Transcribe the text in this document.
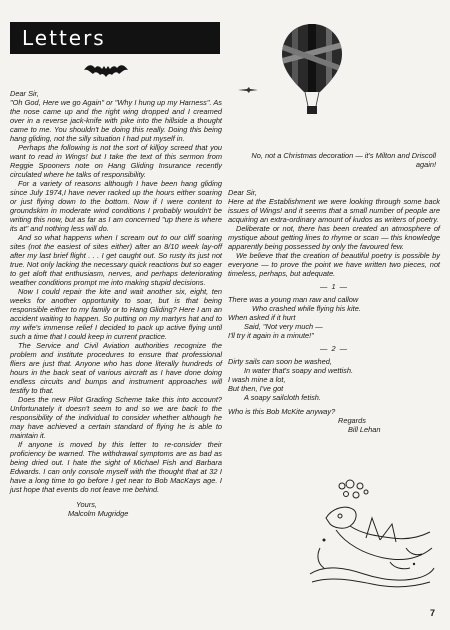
Letters

Dear Sir,

"Oh God, Here we go Again" or "Why I hung up my Harness". As the nose came up and the right wing dropped and I creamed over in a reverse jack-knife with pike into the hillside a thought came to me. You shouldn't be doing this really. Doing this being hang gliding, not the silly situation I had put myself in.

Perhaps the following is not the sort of killjoy screed that you want to read in Wings! but I take the text of this sermon from Reggie Spooners note on Hang Gliding Insurance recently circulated where he talks of responsibility.

For a variety of reasons although I have been hang gliding since July 1974,I have never racked up the hours either soaring or just flying down to the bottom. Now if I were content to groundskim in moderate wind conditions I probably wouldn't be writing this now, but as far as I am concerned "up there is where its at" and nothing less will do.

And so what happens when I scream out to our cliff soaring sites (not the easiest of sites either) after an 8/10 week lay-off after my last brief flight . . . I get caught out. So rusty its just not true. Not only lacking the necessary quick reactions but so eager to get aloft that enthusiasm, nerves, and perhaps deteriorating weather conditions prompt me into making stupid decisions.

Now I could repair the kite and wait another six, eight, ten weeks for another opportunity to soar, but is that being responsible either to my family or to Hang Gliding? Here I am an accident waiting to happen. So putting on my martyrs hat and to my wife's immense relief I decided to pack up active flying until such a time that I could keep in current practice.

The Service and Civil Aviation authorities recognize the problem and institute procedures to ensure that professional fliers are just that. Anyone who has done literally hundreds of hours in the back seat of various aircraft as I have done doing endless circuits and bumps and instrument approaches will testify to that.

Does the new Pilot Grading Scheme take this into account? Unfortunately it doesn't seem to and so we are back to the responsibility of the individual to consider whether although he may have achieved a certain standard of flying he is able to maintain it.

If anyone is moved by this letter to re-consider their proficiency be warned. The withdrawal symptoms are as bad as being dried out. I hate the sight of Michael Fish and Barbara Edwards. I can only console myself with the thought that at 32 I have a long time to go before I get near to Bob MacKays age. I just hope that events do not leave me behind.

Yours,

Malcolm Mugridge

No, not a Christmas decoration — it's Milton and Driscoll again!

Dear Sir,

Here at the Establishment we were looking through some back issues of Wings! and it seems that a small number of people are acquiring an extra-ordinary amount of kudos as writers of poetry.

Deliberate or not, there has been created an atmosphere of mystique about getting lines to rhyme or scan — this knowledge apparently being possessed by only the favoured few.

We believe that the creation of beautiful poetry is possible by everyone — to prove the point we have written two pieces, not timeless, perhaps, but adequate.

— 1 —

There was a young man raw and callow

Who crashed while flying his kite.

When asked if it hurt

Said, "Not very much —

I'll try it again in a minute!"

— 2 —

Dirty sails can soon be washed,

In water that's soapy and wettish.

I wash mine a lot,

But then, I've got

A soapy sailcloth fetish.

Who is this Bob McKite anyway?

Regards

Bill Lehan

7
